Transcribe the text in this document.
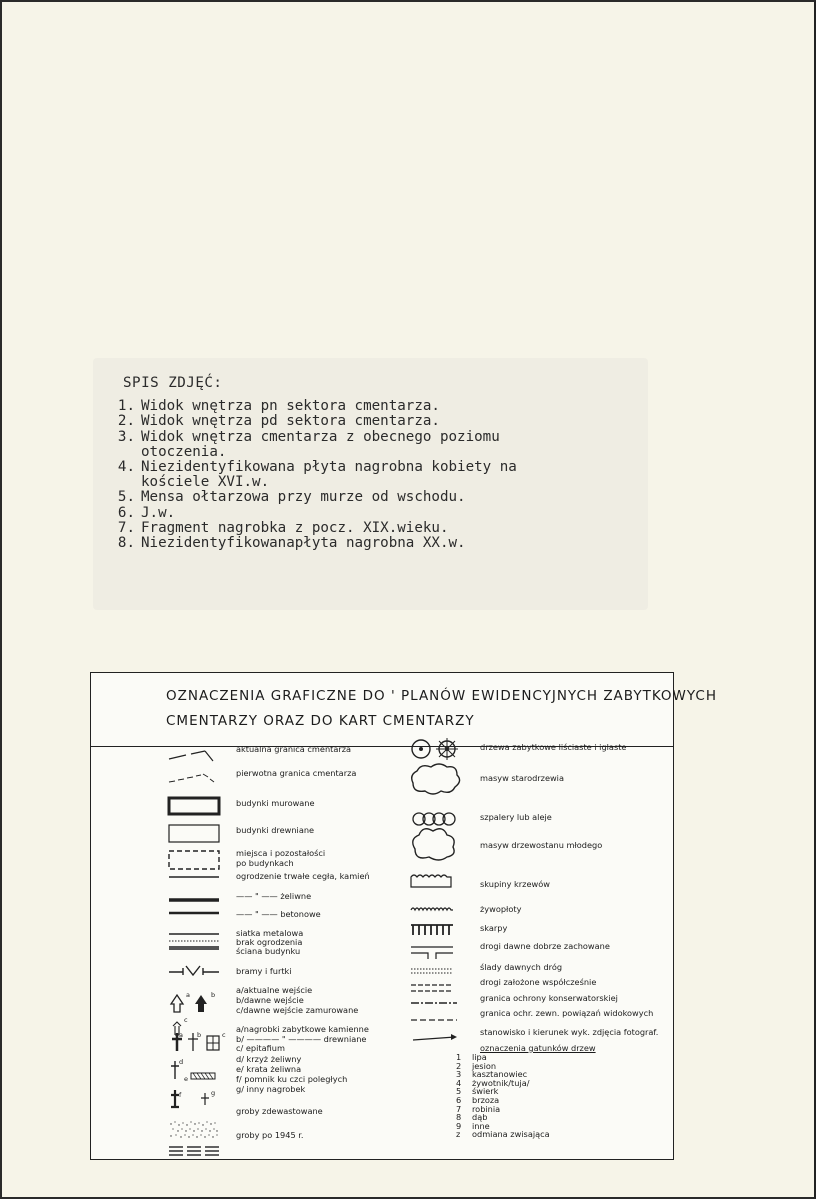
SPIS ZDJĘĆ:
1. Widok wnętrza pn sektora cmentarza.
2. Widok wnętrza pd sektora cmentarza.
3. Widok wnętrza cmentarza z obecnego poziomu
otoczenia.
4. Niezidentyfikowana płyta nagrobna kobiety na
kościele XVI.w.
5. Mensa ołtarzowa przy murze od wschodu.
6. J.w.
7. Fragment nagrobka z pocz. XIX.wieku.
8. Niezidentyfikowanapłyta nagrobna XX.w.
OZNACZENIA GRAFICZNE DO ' PLANÓW EWIDENCYJNYCH ZABYTKOWYCH
CMENTARZY ORAZ DO KART CMENTARZY
a	b
c
a b	c
d
e
f	g
aktualna granica cmentarza
pierwotna granica cmentarza
budynki murowane
budynki drewniane
miejsca i pozostałości
po budynkach
ogrodzenie trwałe cegła, kamień
—— " —— żeliwne
—— " —— betonowe
siatka metalowa
brak ogrodzenia
ściana budynku
bramy i furtki
a/aktualne wejście
b/dawne wejście
c/dawne wejście zamurowane
a/nagrobki zabytkowe kamienne
b/ ———— " ———— drewniane
c/ epitafium
d/ krzyż żeliwny
e/ krata żeliwna
f/ pomnik ku czci poległych
g/ inny nagrobek
groby zdewastowane
groby po 1945 r.
drzewa zabytkowe liściaste i iglaste
masyw starodrzewia
szpalery lub aleje
masyw drzewostanu młodego
skupiny krzewów
żywopłoty
skarpy
drogi dawne dobrze zachowane
ślady dawnych dróg
drogi założone współcześnie
granica ochrony konserwatorskiej
granica ochr. zewn. powiązań widokowych
stanowisko i kierunek wyk. zdjęcia fotograf.
oznaczenia gatunków drzew
1	lipa
2	jesion
3	kasztanowiec
4	żywotnik/tuja/
5	świerk
6	brzoza
7	robinia
8	dąb
9	inne
z	odmiana zwisająca
